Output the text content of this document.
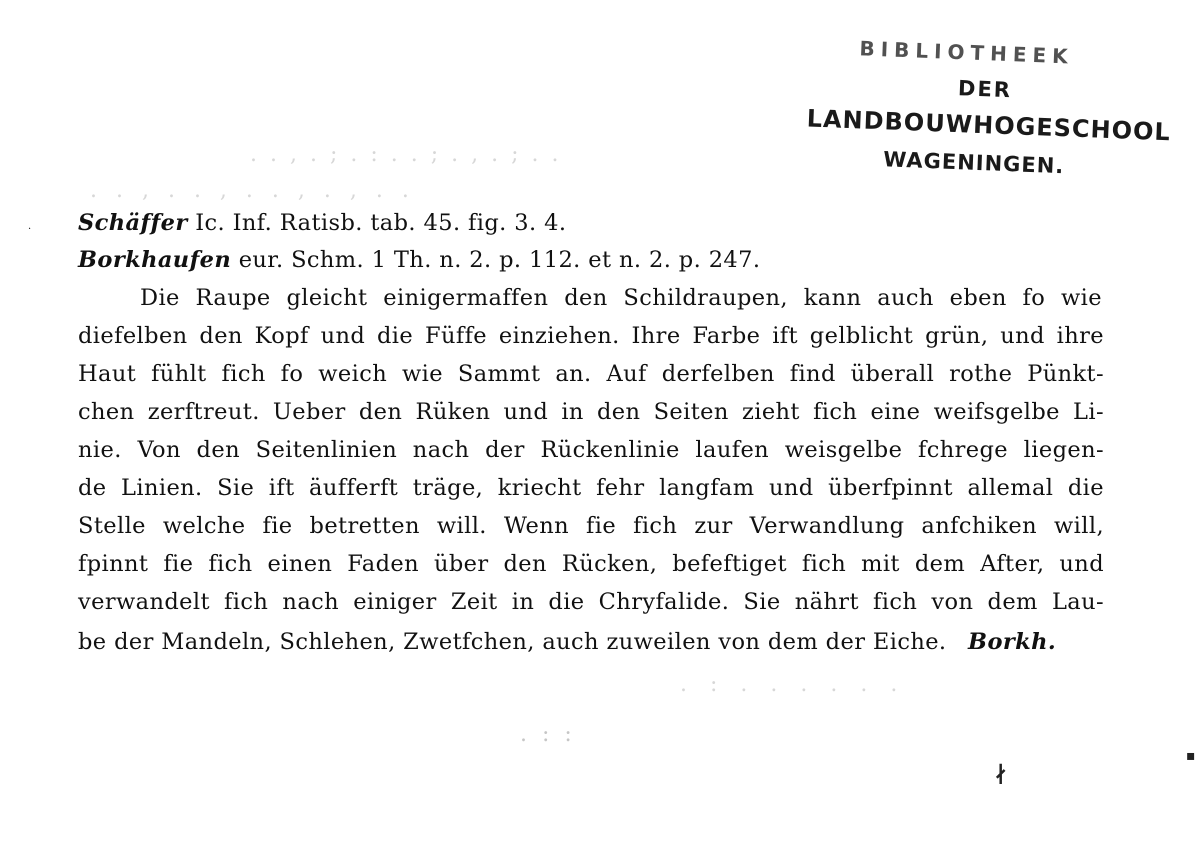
BIBLIOTHEEK
DER
LANDBOUWHOGESCHOOL
WAGENINGEN.
. . , . ; . : . . ; . , . ; . .
. . , . . , . . , . , . .
. : . . . . . .
. : :
Schäffer Ic. Inf. Ratisb. tab. 45. fig. 3. 4.
Borkhaufen eur. Schm. 1 Th. n. 2. p. 112. et n. 2. p. 247.
Die Raupe gleicht einigermaffen den Schildraupen, kann auch eben fo wie
diefelben den Kopf und die Füffe einziehen. Ihre Farbe ift gelblicht grün, und ihre
Haut fühlt fich fo weich wie Sammt an. Auf derfelben find überall rothe Pünkt-
chen zerftreut. Ueber den Rüken und in den Seiten zieht fich eine weifsgelbe Li-
nie. Von den Seitenlinien nach der Rückenlinie laufen weisgelbe fchrege liegen-
de Linien. Sie ift äufferft träge, kriecht fehr langfam und überfpinnt allemal die
Stelle welche fie betretten will. Wenn fie fich zur Verwandlung anfchiken will,
fpinnt fie fich einen Faden über den Rücken, befeftiget fich mit dem After, und
verwandelt fich nach einiger Zeit in die Chryfalide. Sie nährt fich von dem Lau-
be der Mandeln, Schlehen, Zwetfchen, auch zuweilen von dem der Eiche. Borkh.
·
∤
▪
